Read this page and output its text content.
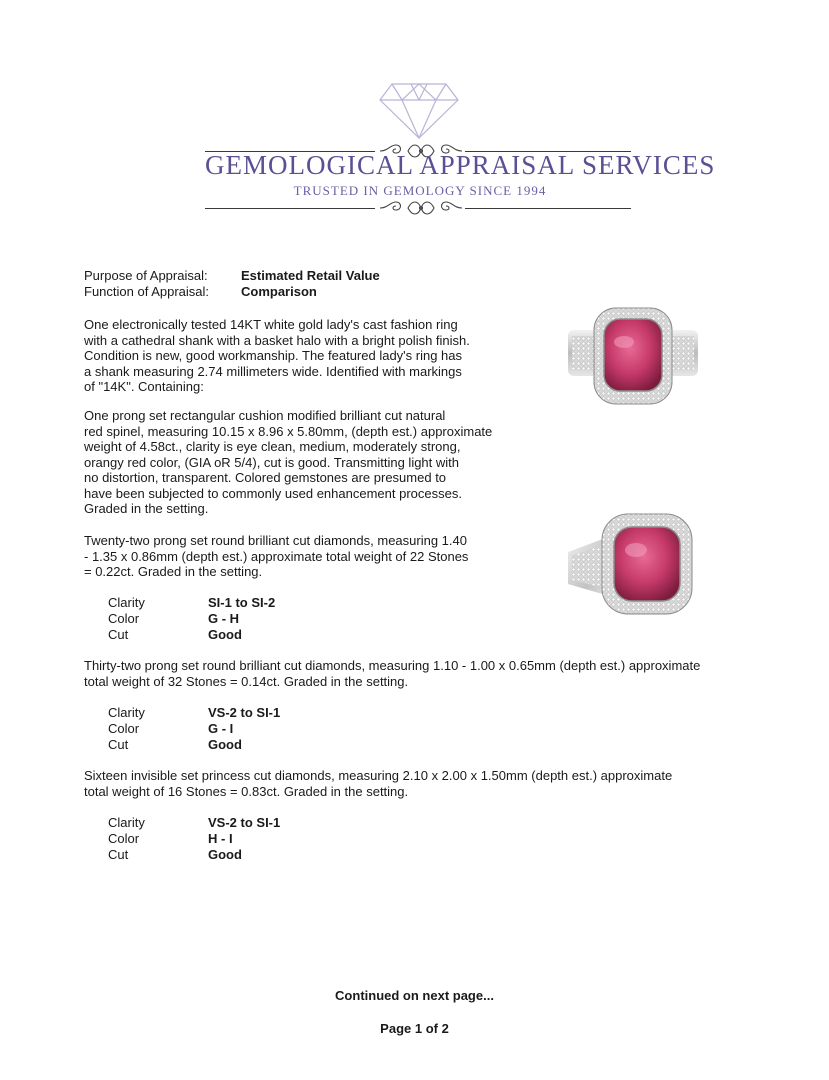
GEMOLOGICAL APPRAISAL SERVICES
TRUSTED IN GEMOLOGY SINCE 1994
Purpose of Appraisal:	Estimated Retail Value
Function of Appraisal: Comparison
One electronically tested 14KT white gold lady's cast fashion ring
with a cathedral shank with a basket halo with a bright polish finish.
Condition is new, good workmanship. The featured lady's ring has
a shank measuring 2.74 millimeters wide. Identified with markings
of "14K". Containing:
One prong set rectangular cushion modified brilliant cut natural
red spinel, measuring 10.15 x 8.96 x 5.80mm, (depth est.) approximate
weight of 4.58ct., clarity is eye clean, medium, moderately strong,
orangy red color, (GIA oR 5/4), cut is good. Transmitting light with
no distortion, transparent. Colored gemstones are presumed to
have been subjected to commonly used enhancement processes.
Graded in the setting.
Twenty-two prong set round brilliant cut diamonds, measuring 1.40
- 1.35 x 0.86mm (depth est.) approximate total weight of 22 Stones
= 0.22ct. Graded in the setting.
Clarity	SI-1 to SI-2
Color	G - H
Cut	Good
Thirty-two prong set round brilliant cut diamonds, measuring 1.10 - 1.00 x 0.65mm (depth est.) approximate
total weight of 32 Stones = 0.14ct. Graded in the setting.
Clarity	VS-2 to SI-1
Color	G - I
Cut	Good
Sixteen invisible set princess cut diamonds, measuring 2.10 x 2.00 x 1.50mm (depth est.) approximate
total weight of 16 Stones = 0.83ct. Graded in the setting.
Clarity	VS-2 to SI-1
Color	H - I
Cut	Good
Continued on next page...
Page 1 of 2
